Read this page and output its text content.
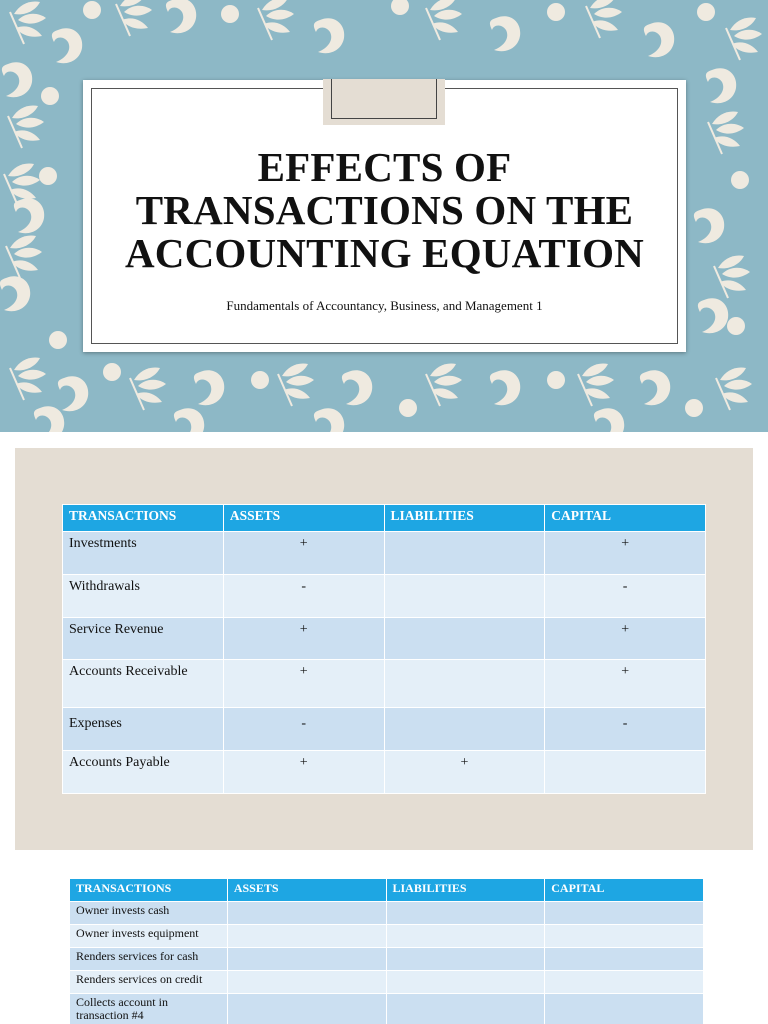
EFFECTS OF TRANSACTIONS ON THE ACCOUNTING EQUATION

Fundamentals of Accountancy, Business, and Management 1

TRANSACTIONS	ASSETS	LIABILITIES	CAPITAL
Investments	+		+
Withdrawals	-		-
Service Revenue	+		+
Accounts Receivable	+		+
Expenses	-		-
Accounts Payable	+	+	
TRANSACTIONS	ASSETS	LIABILITIES	CAPITAL
Owner invests cash			
Owner invests equipment			
Renders services for cash			
Renders services on credit			
Collects account in transaction #4			
